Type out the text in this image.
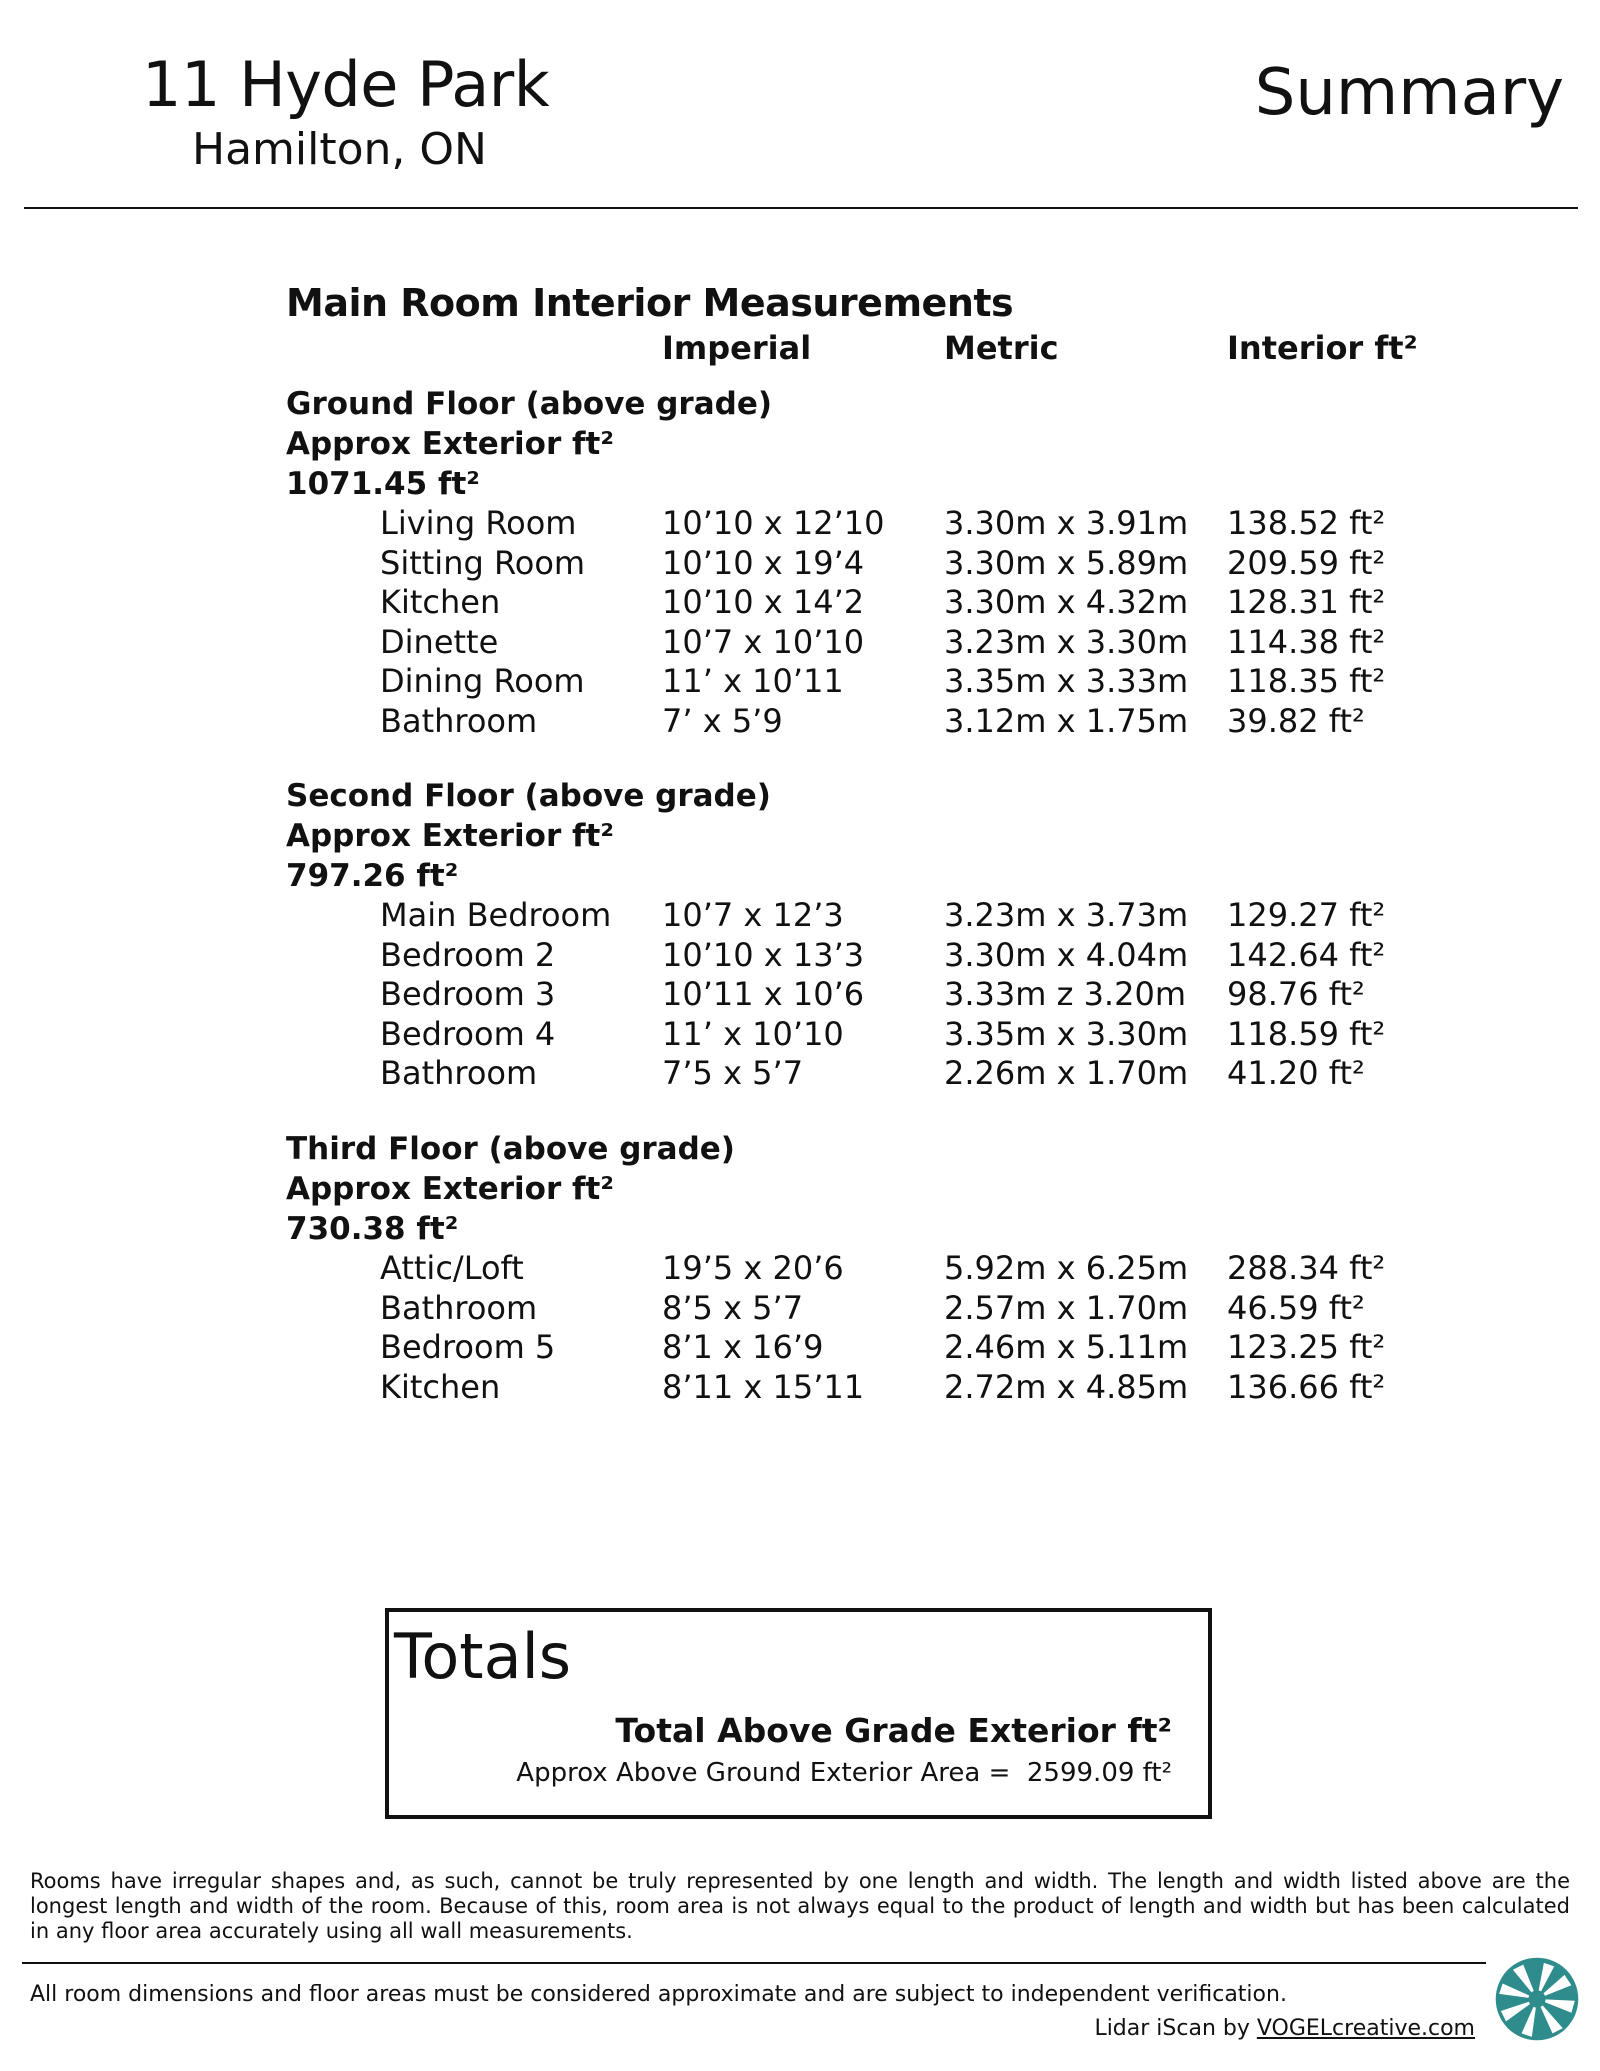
11 Hyde Park
Hamilton, ON
Summary
Main Room Interior Measurements
Imperial	Metric	Interior ft²
Ground Floor (above grade)
Approx Exterior ft²
1071.45 ft²
Living Room	10’10 x 12’10 3.30m x 3.91m 138.52 ft²
Sitting Room 10’10 x 19’4 3.30m x 5.89m 209.59 ft²
Kitchen	10’10 x 14’2 3.30m x 4.32m 128.31 ft²
Dinette	10’7 x 10’10 3.23m x 3.30m 114.38 ft²
Dining Room 11’ x 10’11	3.35m x 3.33m 118.35 ft²
Bathroom	7’ x 5’9	3.12m x 1.75m 39.82 ft²
Second Floor (above grade)
Approx Exterior ft²
797.26 ft²
Main Bedroom 10’7 x 12’3	3.23m x 3.73m 129.27 ft²
Bedroom 2	10’10 x 13’3 3.30m x 4.04m 142.64 ft²
Bedroom 3	10’11 x 10’6 3.33m z 3.20m 98.76 ft²
Bedroom 4	11’ x 10’10	3.35m x 3.30m 118.59 ft²
Bathroom	7’5 x 5’7	2.26m x 1.70m 41.20 ft²
Third Floor (above grade)
Approx Exterior ft²
730.38 ft²
Attic/Loft	19’5 x 20’6	5.92m x 6.25m 288.34 ft²
Bathroom	8’5 x 5’7	2.57m x 1.70m 46.59 ft²
Bedroom 5	8’1 x 16’9	2.46m x 5.11m 123.25 ft²
Kitchen	8’11 x 15’11 2.72m x 4.85m 136.66 ft²
Totals
Total Above Grade Exterior ft²
Approx Above Ground Exterior Area = 2599.09 ft²
Rooms have irregular shapes and, as such, cannot be truly represented by one length and width. The length and width listed above are the longest length and width of the room. Because of this, room area is not always equal to the product of length and width but has been calculated in any floor area accurately using all wall measurements.
All room dimensions and floor areas must be considered approximate and are subject to independent verification.
Lidar iScan by VOGELcreative.com
